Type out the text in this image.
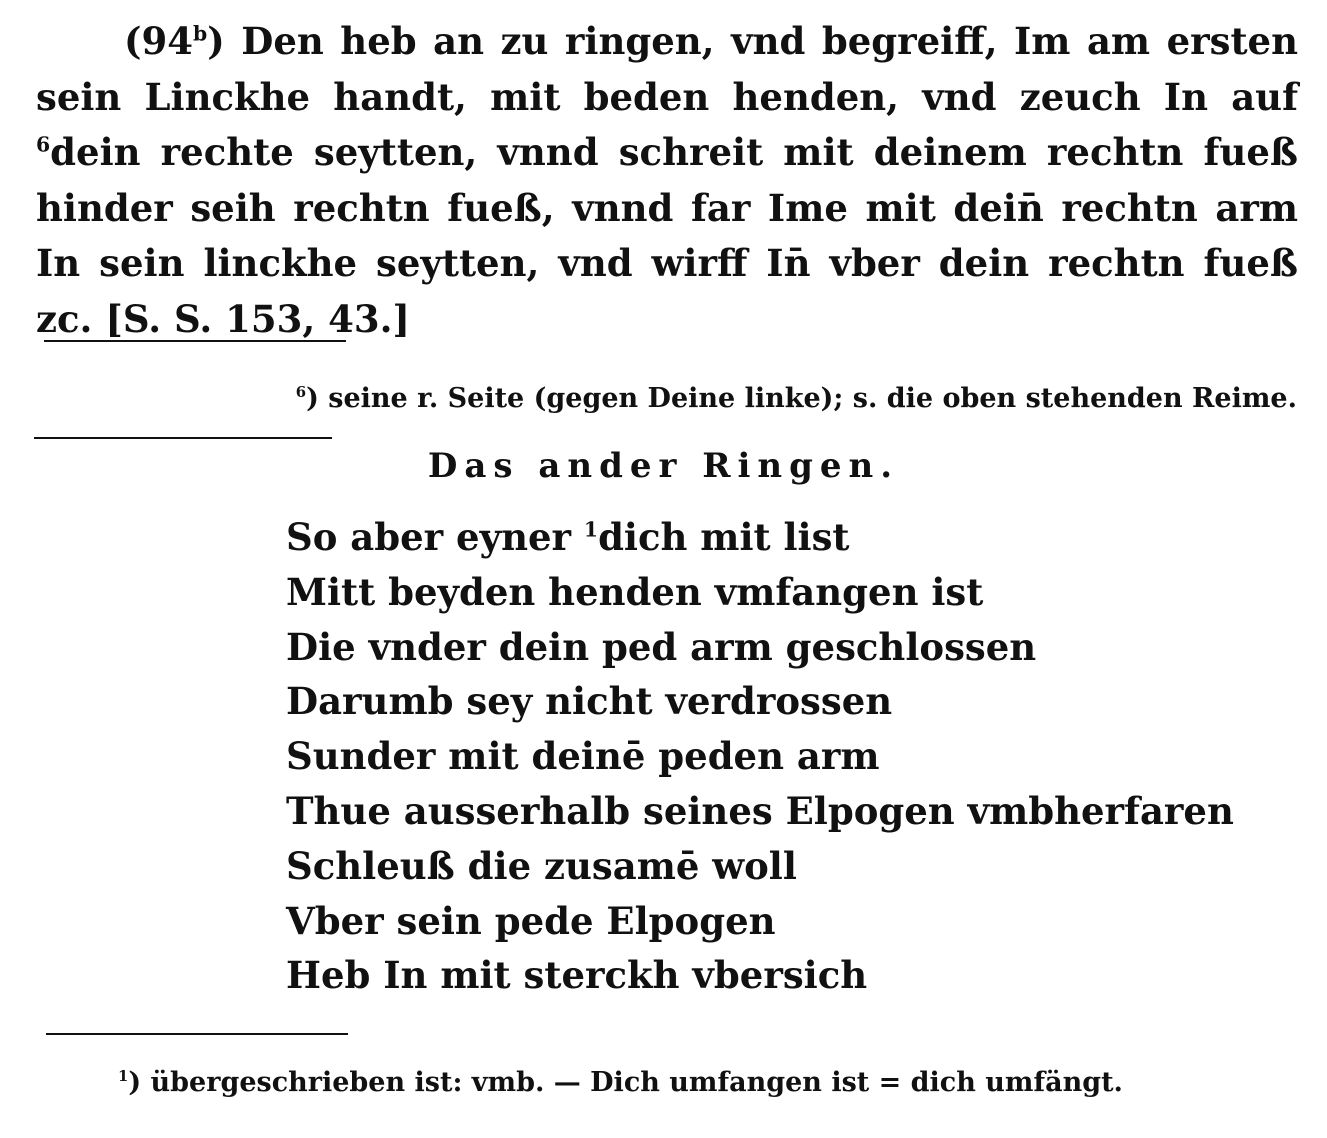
(94$^b$) Den heb an zu ringen, vnd begreiff, Im am ersten sein Linckhe handt, mit beden henden, vnd zeuch In auf $^6$dein rechte seytten, vnnd schreit mit deinem rechtn fueß hinder seih rechtn fueß, vnnd far Ime mit dein̄ rechtn arm In sein linckhe seytten, vnd wirff In̄ vber dein rechtn fueß zc. [S. S. 153, 43.]

$^6$) seine r. Seite (gegen Deine linke); s. die oben stehenden Reime.

Das ander Ringen.
So aber eyner $^1$dich mit list
Mitt beyden henden vmfangen ist
Die vnder dein ped arm geschlossen
Darumb sey nicht verdrossen
Sunder mit deinē peden arm
Thue ausserhalb seines Elpogen vmbherfaren
Schleuß die zusamē woll
Vber sein pede Elpogen
Heb In mit sterckh vbersich

$^1$) übergeschrieben ist: vmb. — Dich umfangen ist = dich umfängt.
